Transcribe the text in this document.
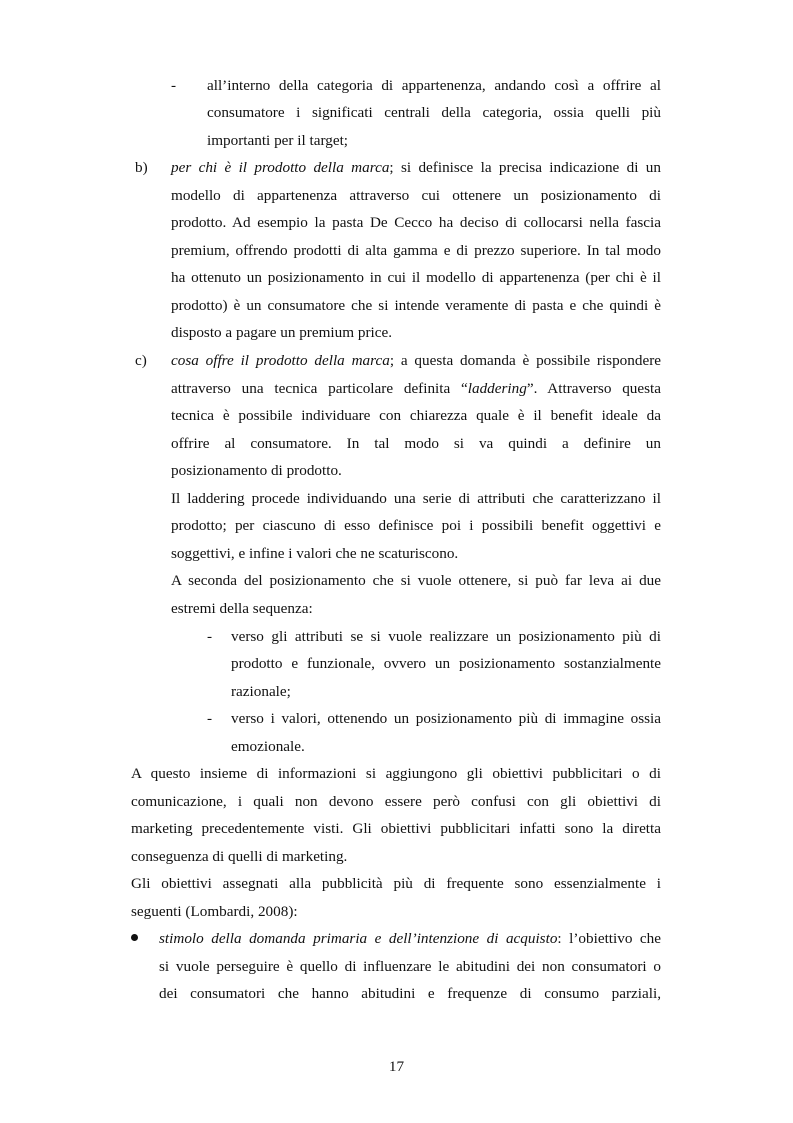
- all’interno della categoria di appartenenza, andando così a offrire al
consumatore i significati centrali della categoria, ossia quelli più
importanti per il target;
b) per chi è il prodotto della marca; si definisce la precisa indicazione di un
modello di appartenenza attraverso cui ottenere un posizionamento di
prodotto. Ad esempio la pasta De Cecco ha deciso di collocarsi nella fascia
premium, offrendo prodotti di alta gamma e di prezzo superiore. In tal modo
ha ottenuto un posizionamento in cui il modello di appartenenza (per chi è il
prodotto) è un consumatore che si intende veramente di pasta e che quindi è
disposto a pagare un premium price.
c) cosa offre il prodotto della marca; a questa domanda è possibile rispondere
attraverso una tecnica particolare definita “laddering”. Attraverso questa
tecnica è possibile individuare con chiarezza quale è il benefit ideale da
offrire al consumatore. In tal modo si va quindi a definire un
posizionamento di prodotto.
Il laddering procede individuando una serie di attributi che caratterizzano il
prodotto; per ciascuno di esso definisce poi i possibili benefit oggettivi e
soggettivi, e infine i valori che ne scaturiscono.
A seconda del posizionamento che si vuole ottenere, si può far leva ai due
estremi della sequenza:
- verso gli attributi se si vuole realizzare un posizionamento più di
prodotto e funzionale, ovvero un posizionamento sostanzialmente
razionale;
- verso i valori, ottenendo un posizionamento più di immagine ossia
emozionale.
A questo insieme di informazioni si aggiungono gli obiettivi pubblicitari o di
comunicazione, i quali non devono essere però confusi con gli obiettivi di
marketing precedentemente visti. Gli obiettivi pubblicitari infatti sono la diretta
conseguenza di quelli di marketing.
Gli obiettivi assegnati alla pubblicità più di frequente sono essenzialmente i
seguenti (Lombardi, 2008):
stimolo della domanda primaria e dell’intenzione di acquisto: l’obiettivo che
si vuole perseguire è quello di influenzare le abitudini dei non consumatori o
dei consumatori che hanno abitudini e frequenze di consumo parziali,
17
